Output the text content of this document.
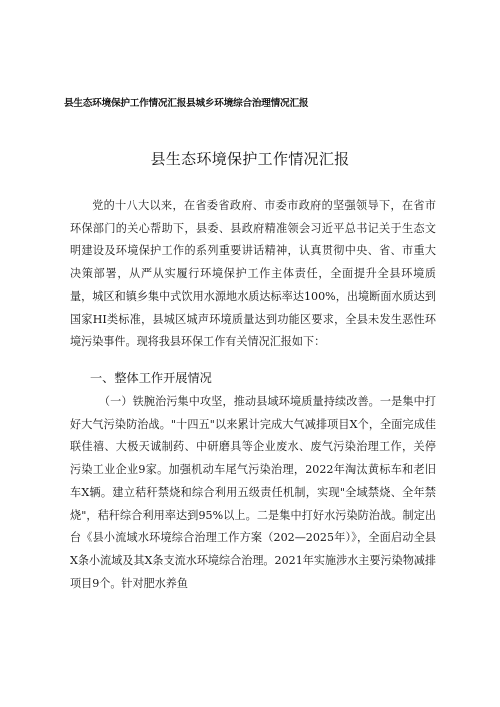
县生态环境保护工作情况汇报县城乡环境综合治理情况汇报
县生态环境保护工作情况汇报
党的十八大以来，在省委省政府、市委市政府的坚强领导下，在省市环保部门的关心帮助下，县委、县政府精准领会习近平总书记关于生态文明建设及环境保护工作的系列重要讲话精神，认真贯彻中央、省、市重大决策部署，从严从实履行环境保护工作主体责任，全面提升全县环境质量，城区和镇乡集中式饮用水源地水质达标率达100%，出境断面水质达到国家HI类标准，县城区城声环境质量达到功能区要求，全县未发生恶性环境污染事件。现将我县环保工作有关情况汇报如下：
一、整体工作开展情况
（一）铁腕治污集中攻坚，推动县域环境质量持续改善。一是集中打好大气污染防治战。"十四五"以来累计完成大气减排项目X个，全面完成佳联佳禧、大极天诚制药、中研磨具等企业废水、废气污染治理工作，关停污染工业企业9家。加强机动车尾气污染治理，2022年淘汰黄标车和老旧车X辆。建立秸秆禁烧和综合利用五级责任机制，实现"全域禁烧、全年禁烧"，秸秆综合利用率达到95%以上。二是集中打好水污染防治战。制定出台《县小流域水环境综合治理工作方案（202—2025年）》，全面启动全县X条小流域及其X条支流水环境综合治理。2021年实施涉水主要污染物减排项目9个。针对肥水养鱼
